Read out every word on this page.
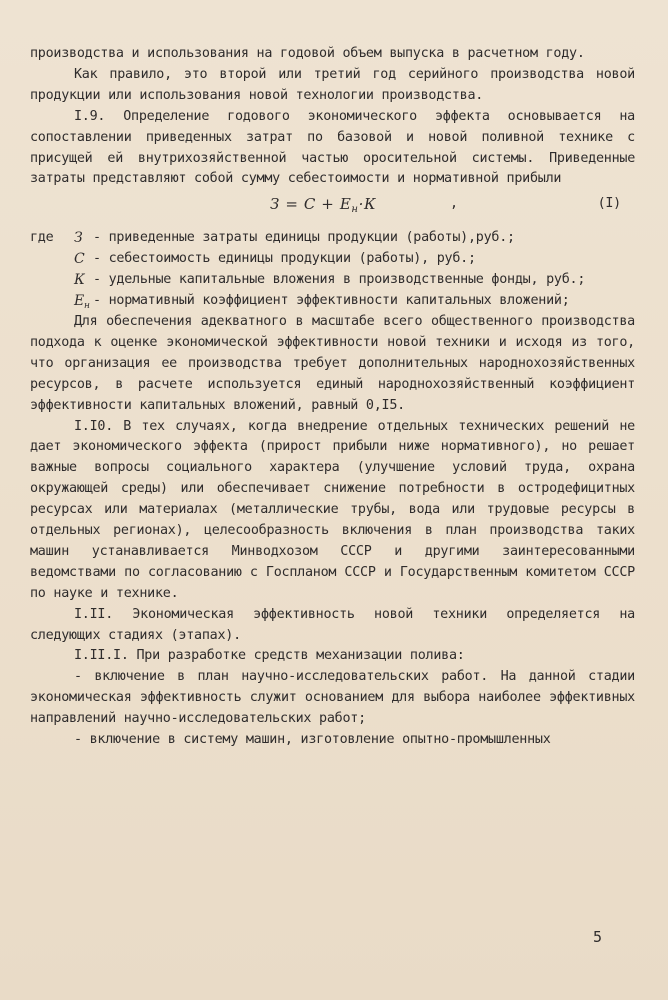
производства и использования на годовой объем выпуска в расчетном году.

Как правило, это второй или третий год серийного производства новой продукции или использования новой технологии производства.

I.9. Определение годового экономического эффекта основывается на сопоставлении приведенных затрат по базовой и новой поливной технике с присущей ей внутрихозяйственной частью оросительной системы. Приведенные затраты представляют собой сумму себестоимости и нормативной прибыли

$З = С + Е_н\cdot К$	,	(I)
где З - приведенные затраты единицы продукции (работы),руб.;
С - себестоимость единицы продукции (работы), руб.;
К - удельные капитальные вложения в производственные фонды, руб.;
$Е_н$ - нормативный коэффициент эффективности капитальных вложений;

Для обеспечения адекватного в масштабе всего общественного производства подхода к оценке экономической эффективности новой техники и исходя из того, что организация ее производства требует дополнительных народнохозяйственных ресурсов, в расчете используется единый народнохозяйственный коэффициент эффективности капитальных вложений, равный 0,I5.

I.I0. В тех случаях, когда внедрение отдельных технических решений не дает экономического эффекта (прирост прибыли ниже нормативного), но решает важные вопросы социального характера (улучшение условий труда, охрана окружающей среды) или обеспечивает снижение потребности в остродефицитных ресурсах или материалах (металлические трубы, вода или трудовые ресурсы в отдельных регионах), целесообразность включения в план производства таких машин устанавливается Минводхозом СССР и другими заинтересованными ведомствами по согласованию с Госпланом СССР и Государственным комитетом СССР по науке и технике.

I.II. Экономическая эффективность новой техники определяется на следующих стадиях (этапах).

I.II.I. При разработке средств механизации полива:

- включение в план научно-исследовательских работ. На данной стадии экономическая эффективность служит основанием для выбора наиболее эффективных направлений научно-исследовательских работ;

- включение в систему машин, изготовление опытно-промышленных

5
